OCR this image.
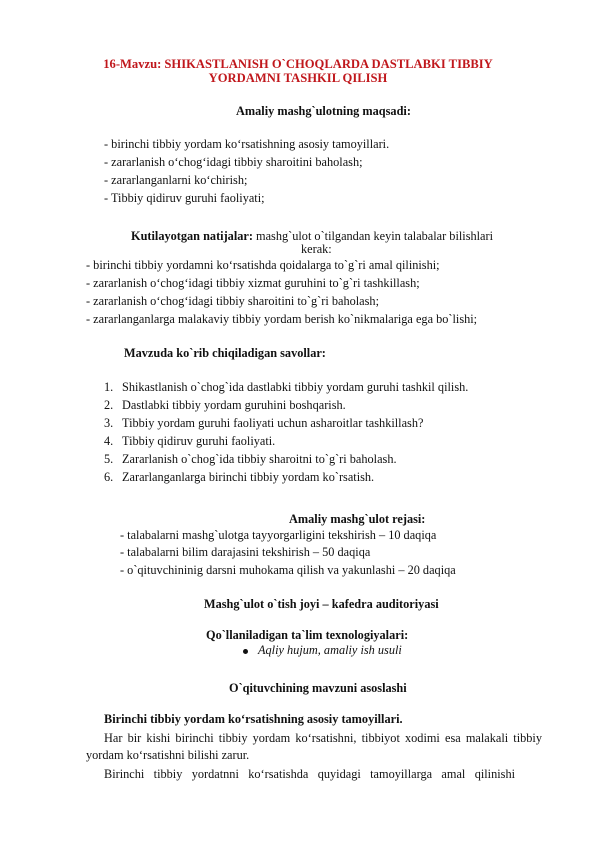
16-Mavzu: SHIKASTLANISH O`CHOQLARDA DASTLABKI TIBBIY
YORDAMNI TASHKIL QILISH
Amaliy mashg`ulotning maqsadi:
- birinchi tibbiy yordam ko‘rsatishning asosiy tamoyillari.
- zararlanish o‘chog‘idagi tibbiy sharoitini baholash;
- zararlanganlarni ko‘chirish;
- Tibbiy qidiruv guruhi faoliyati;
Kutilayotgan natijalar: mashg`ulot o`tilgandan keyin talabalar bilishlari
kerak:
- birinchi tibbiy yordamni ko‘rsatishda qoidalarga to`g`ri amal qilinishi;
- zararlanish o‘chog‘idagi tibbiy xizmat guruhini to`g`ri tashkillash;
- zararlanish o‘chog‘idagi tibbiy sharoitini to`g`ri baholash;
- zararlanganlarga malakaviy tibbiy yordam berish ko`nikmalariga ega bo`lishi;
Mavzuda ko`rib chiqiladigan savollar:
1. Shikastlanish o`chog`ida dastlabki tibbiy yordam guruhi tashkil qilish.
2. Dastlabki tibbiy yordam guruhini boshqarish.
3. Tibbiy yordam guruhi faoliyati uchun asharoitlar tashkillash?
4. Tibbiy qidiruv guruhi faoliyati.
5. Zararlanish o`chog`ida tibbiy sharoitni to`g`ri baholash.
6. Zararlanganlarga birinchi tibbiy yordam ko`rsatish.
Amaliy mashg`ulot rejasi:
- talabalarni mashg`ulotga tayyorgarligini tekshirish – 10 daqiqa
- talabalarni bilim darajasini tekshirish – 50 daqiqa
- o`qituvchininig darsni muhokama qilish va yakunlashi – 20 daqiqa
Mashg`ulot o`tish joyi – kafedra auditoriyasi
Qo`llaniladigan ta`lim texnologiyalari:
Aqliy hujum, amaliy ish usuli
O`qituvchining mavzuni asoslashi
Birinchi tibbiy yordam ko‘rsatishning asosiy tamoyillari.
Har bir kishi birinchi tibbiy yordam ko‘rsatishni, tibbiyot xodimi esa malakali tibbiy yordam ko‘rsatishni bilishi zarur.
Birinchi tibbiy yordatnni ko‘rsatishda quyidagi tamoyillarga amal qilinishi
